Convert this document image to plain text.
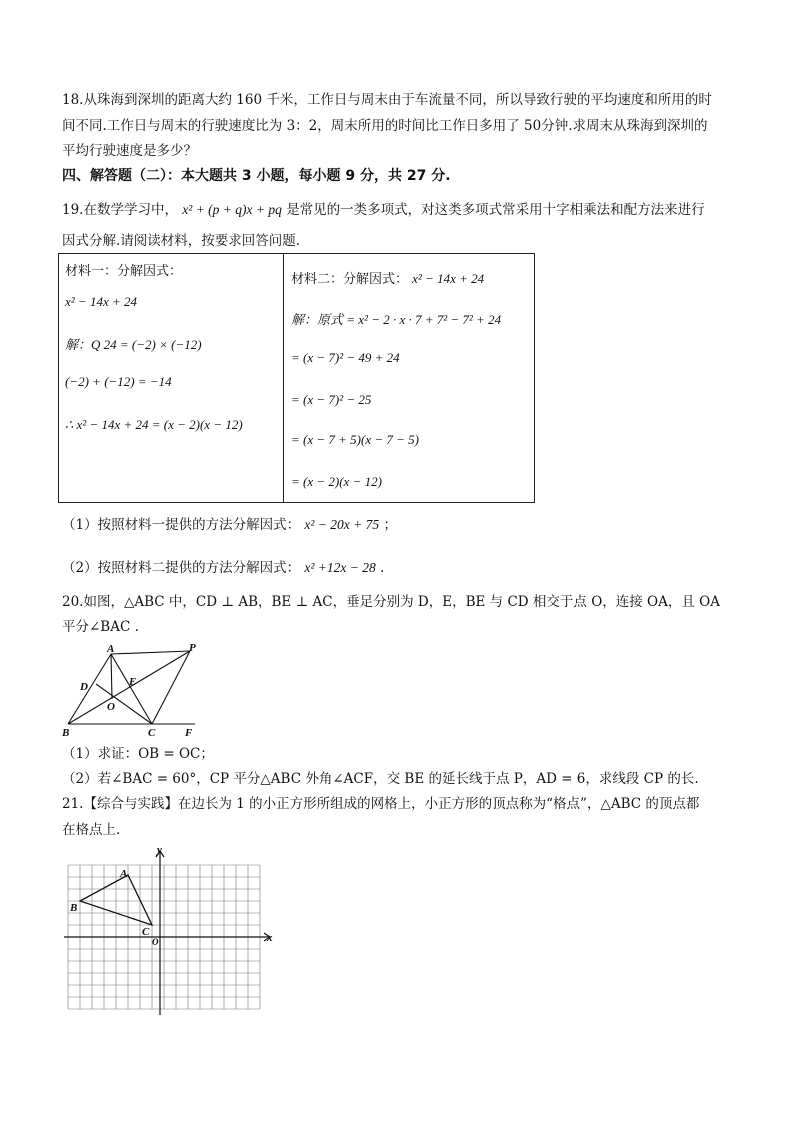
18.从珠海到深圳的距离大约 160 千米，工作日与周末由于车流量不同，所以导致行驶的平均速度和所用的时
间不同.工作日与周末的行驶速度比为 3：2，周末所用的时间比工作日多用了 50分钟.求周末从珠海到深圳的
平均行驶速度是多少？
四、解答题（二）：本大题共 3 小题，每小题 9 分，共 27 分.
19.在数学学习中， x² + (p + q)x + pq 是常见的一类多项式，对这类多项式常采用十字相乘法和配方法来进行
因式分解.请阅读材料，按要求回答问题.
材料一：分解因式：
x² − 14x + 24
解：Q 24 = (−2) × (−12)
(−2) + (−12) = −14
∴ x² − 14x + 24 = (x − 2)(x − 12)
材料二：分解因式： x² − 14x + 24
解：原式 = x² − 2 · x · 7 + 7² − 7² + 24
= (x − 7)² − 49 + 24
= (x − 7)² − 25
= (x − 7 + 5)(x − 7 − 5)
= (x − 2)(x − 12)
（1）按照材料一提供的方法分解因式： x² − 20x + 75 ；
（2）按照材料二提供的方法分解因式： x² +12x − 28 .
20.如图，△ABC 中，CD ⊥ AB，BE ⊥ AC，垂足分别为 D，E，BE 与 CD 相交于点 O，连接 OA，且 OA
平分∠BAC .
A	P
D	E
O
B	C	F
（1）求证：OB = OC；
（2）若∠BAC = 60°，CP 平分△ABC 外角∠ACF，交 BE 的延长线于点 P，AD = 6，求线段 CP 的长.
21.【综合与实践】在边长为 1 的小正方形所组成的网格上，小正方形的顶点称为“格点”，△ABC 的顶点都
在格点上.
y
x
A
B
C
O
